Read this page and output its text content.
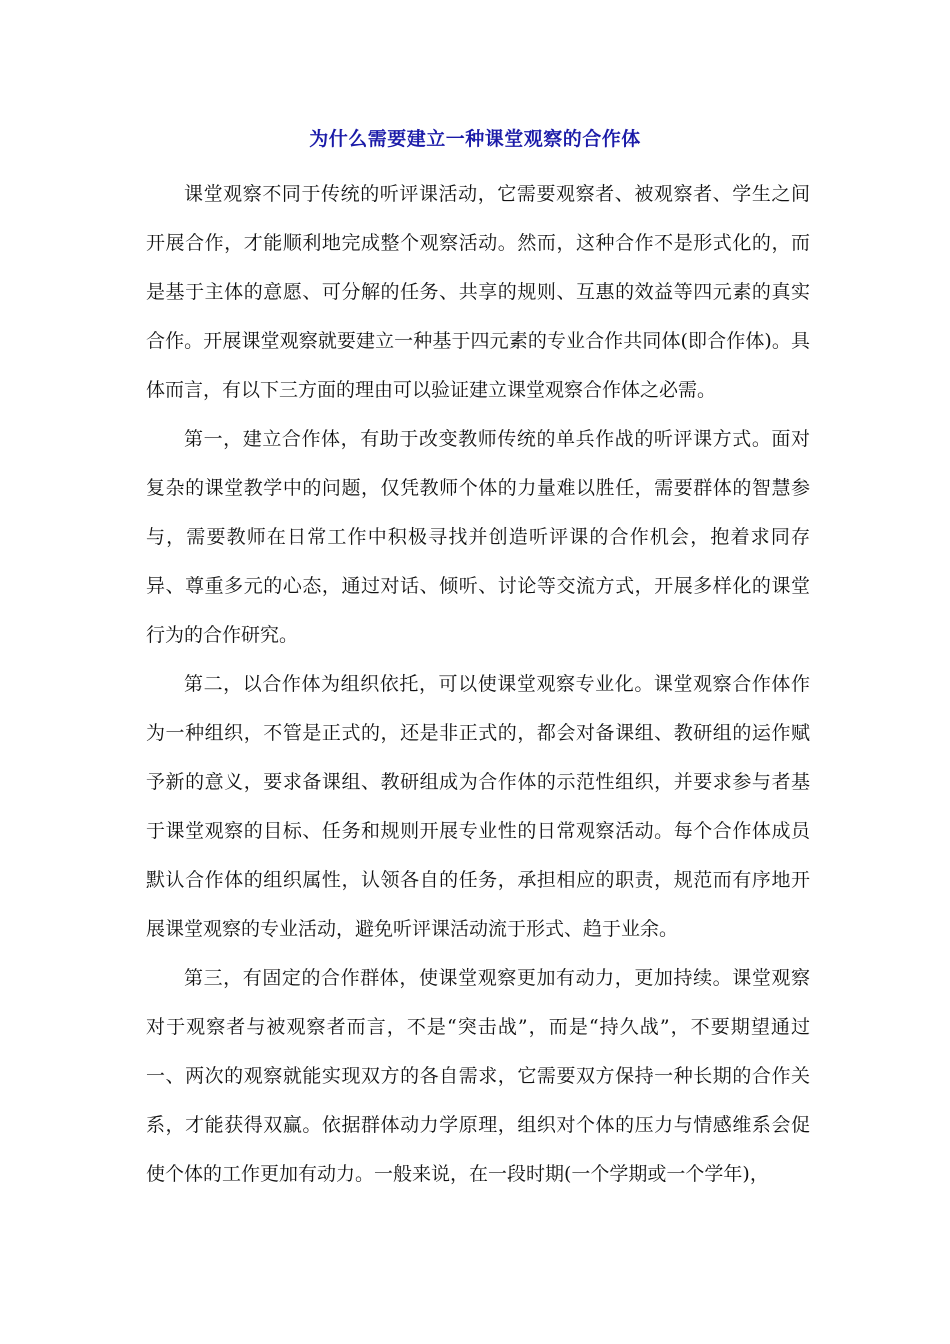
为什么需要建立一种课堂观察的合作体

课堂观察不同于传统的听评课活动，它需要观察者、被观察者、学生之间开展合作，才能顺利地完成整个观察活动。然而，这种合作不是形式化的，而是基于主体的意愿、可分解的任务、共享的规则、互惠的效益等四元素的真实合作。开展课堂观察就要建立一种基于四元素的专业合作共同体(即合作体)。具体而言，有以下三方面的理由可以验证建立课堂观察合作体之必需。

第一，建立合作体，有助于改变教师传统的单兵作战的听评课方式。面对复杂的课堂教学中的问题，仅凭教师个体的力量难以胜任，需要群体的智慧参与，需要教师在日常工作中积极寻找并创造听评课的合作机会，抱着求同存异、尊重多元的心态，通过对话、倾听、讨论等交流方式，开展多样化的课堂行为的合作研究。

第二，以合作体为组织依托，可以使课堂观察专业化。课堂观察合作体作为一种组织，不管是正式的，还是非正式的，都会对备课组、教研组的运作赋予新的意义，要求备课组、教研组成为合作体的示范性组织，并要求参与者基于课堂观察的目标、任务和规则开展专业性的日常观察活动。每个合作体成员默认合作体的组织属性，认领各自的任务，承担相应的职责，规范而有序地开展课堂观察的专业活动，避免听评课活动流于形式、趋于业余。

第三，有固定的合作群体，使课堂观察更加有动力，更加持续。课堂观察对于观察者与被观察者而言，不是“突击战”，而是“持久战”，不要期望通过一、两次的观察就能实现双方的各自需求，它需要双方保持一种长期的合作关系，才能获得双赢。依据群体动力学原理，组织对个体的压力与情感维系会促使个体的工作更加有动力。一般来说，在一段时期(一个学期或一个学年)，
